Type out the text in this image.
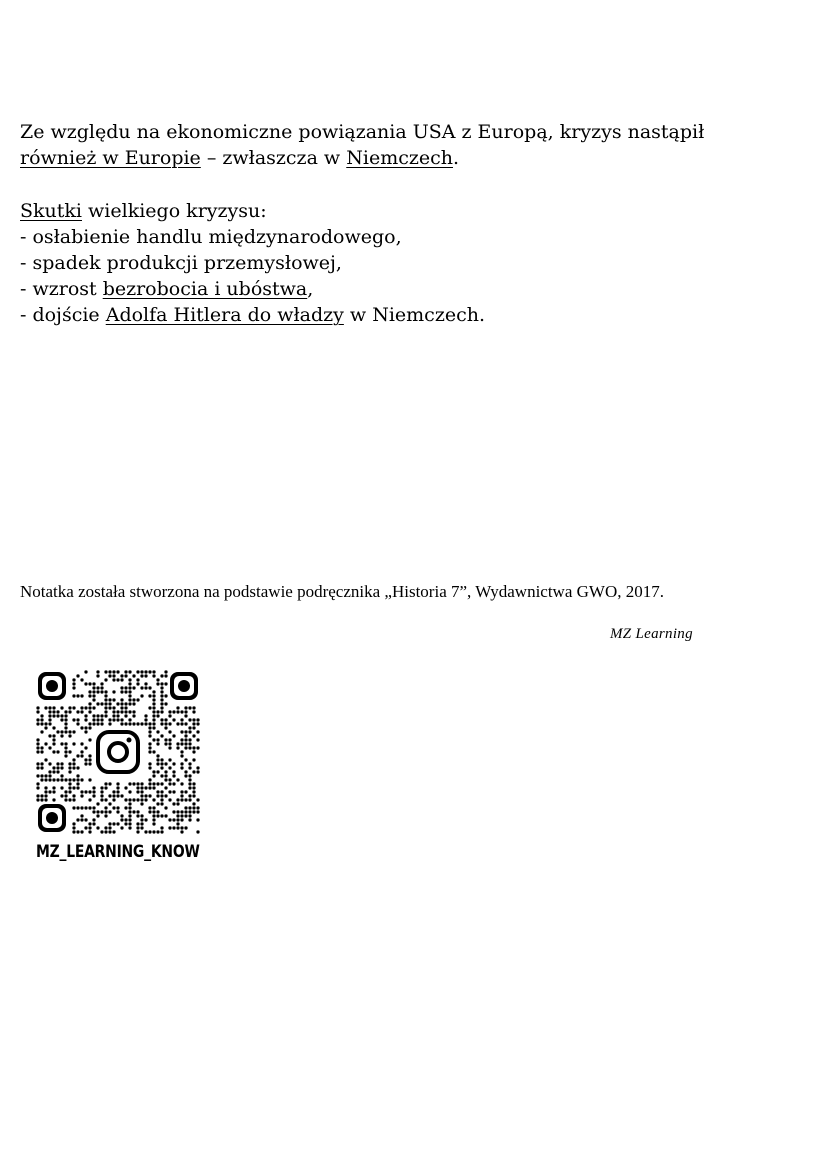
Ze względu na ekonomiczne powiązania USA z Europą, kryzys nastąpił
również w Europie – zwłaszcza w Niemczech.
Skutki wielkiego kryzysu:
- osłabienie handlu międzynarodowego,
- spadek produkcji przemysłowej,
- wzrost bezrobocia i ubóstwa,
- dojście Adolfa Hitlera do władzy w Niemczech.
Notatka została stworzona na podstawie podręcznika „Historia 7”, Wydawnictwa GWO, 2017.
MZ Learning
MZ_LEARNING_KNOW
